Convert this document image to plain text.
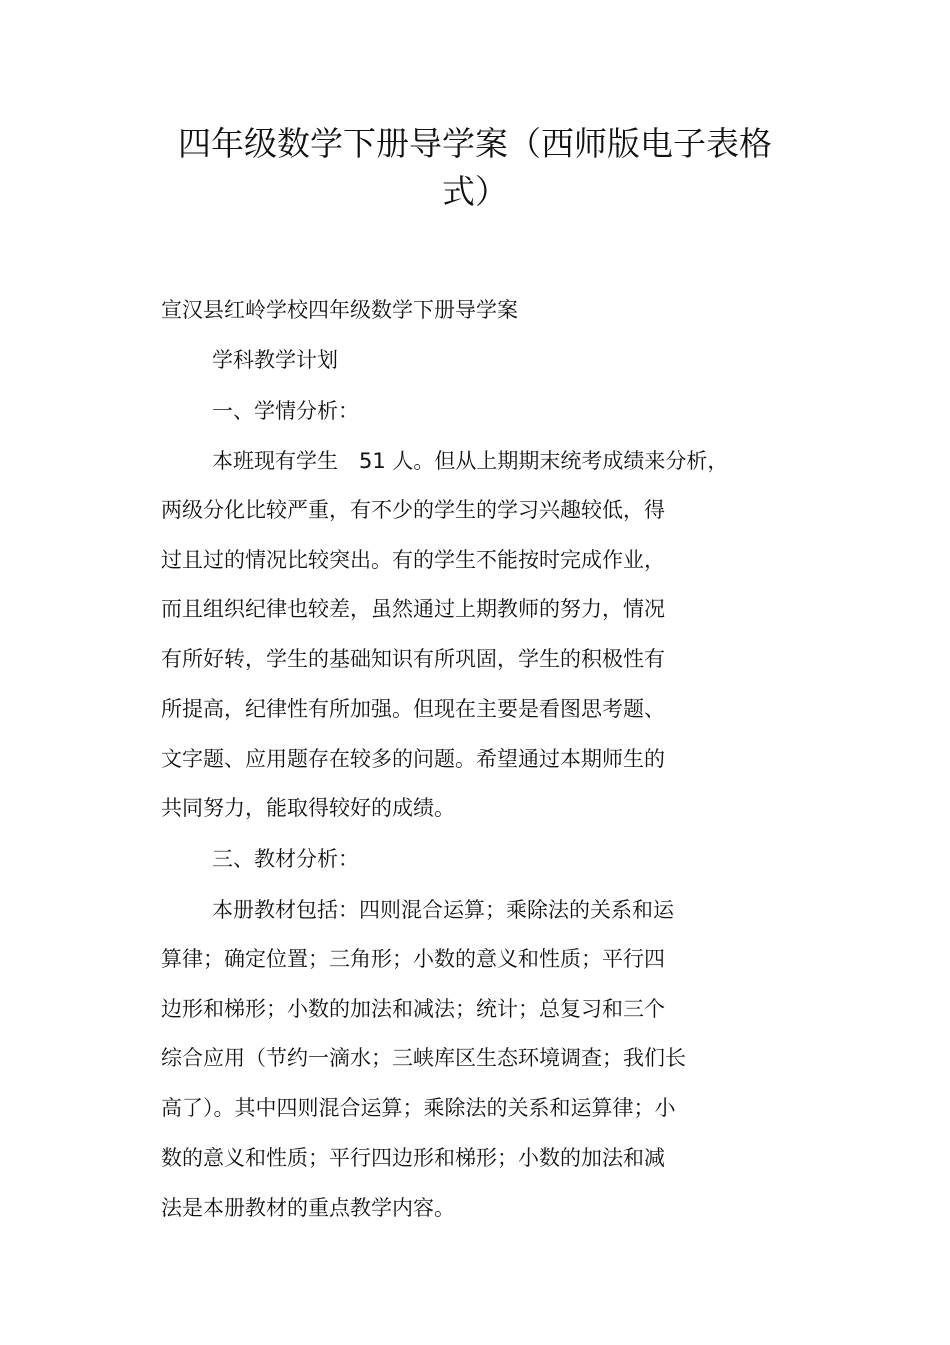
四年级数学下册导学案（西师版电子表格
式）

宣汉县红岭学校四年级数学下册导学案

学科教学计划

一、学情分析：

本班现有学生　51 人。但从上期期末统考成绩来分析，

两级分化比较严重，有不少的学生的学习兴趣较低，得

过且过的情况比较突出。有的学生不能按时完成作业，

而且组织纪律也较差，虽然通过上期教师的努力，情况

有所好转，学生的基础知识有所巩固，学生的积极性有

所提高，纪律性有所加强。但现在主要是看图思考题、

文字题、应用题存在较多的问题。希望通过本期师生的

共同努力，能取得较好的成绩。

三、教材分析：

本册教材包括：四则混合运算；乘除法的关系和运

算律；确定位置；三角形；小数的意义和性质；平行四

边形和梯形；小数的加法和减法；统计；总复习和三个

综合应用（节约一滴水；三峡库区生态环境调查；我们长

高了）。其中四则混合运算；乘除法的关系和运算律；小

数的意义和性质；平行四边形和梯形；小数的加法和减

法是本册教材的重点教学内容。
